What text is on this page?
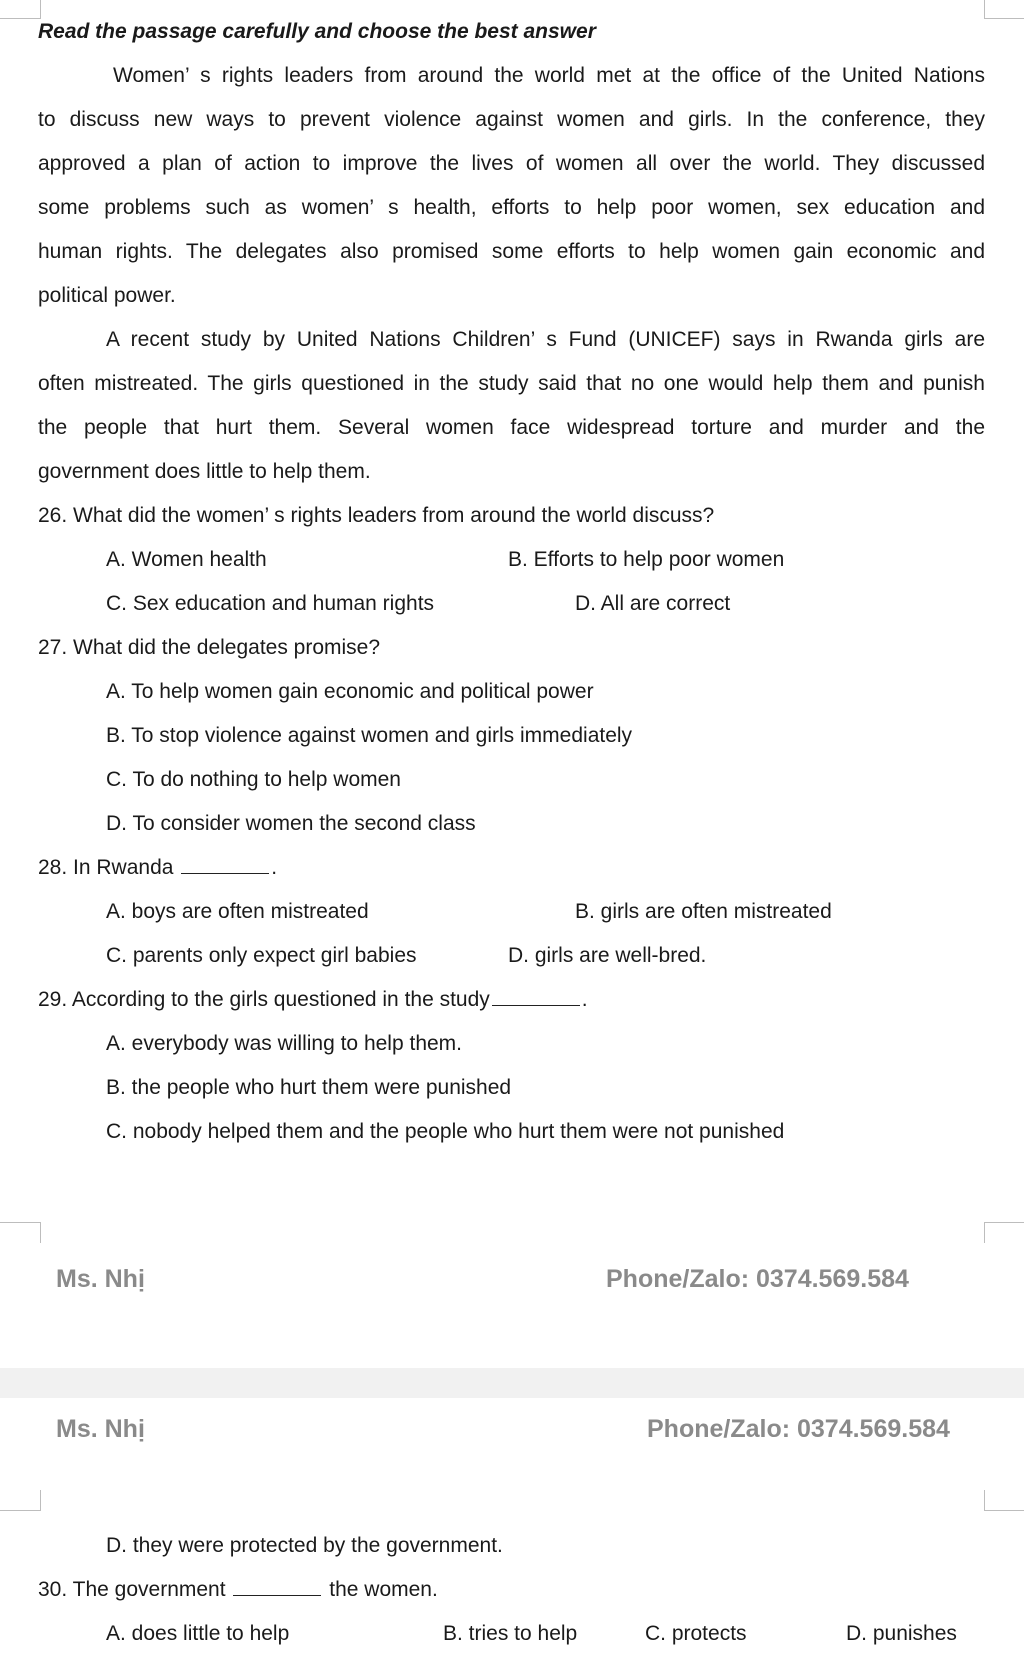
Read the passage carefully and choose the best answer
Women’ s rights leaders from around the world met at the office of the United Nations
to discuss new ways to prevent violence against women and girls. In the conference, they
approved a plan of action to improve the lives of women all over the world. They discussed
some problems such as women’ s health, efforts to help poor women, sex education and
human rights. The delegates also promised some efforts to help women gain economic and
political power.
A recent study by United Nations Children’ s Fund (UNICEF) says in Rwanda girls are
often mistreated. The girls questioned in the study said that no one would help them and punish
the people that hurt them. Several women face widespread torture and murder and the
government does little to help them.
26. What did the women’ s rights leaders from around the world discuss?
A. Women health	B. Efforts to help poor women
C. Sex education and human rights	D. All are correct
27. What did the delegates promise?
A. To help women gain economic and political power
B. To stop violence against women and girls immediately
C. To do nothing to help women
D. To consider women the second class
28. In Rwanda	.
A. boys are often mistreated	B. girls are often mistreated
C. parents only expect girl babies	D. girls are well-bred.
29. According to the girls questioned in the study	.
A. everybody was willing to help them.
B. the people who hurt them were punished
C. nobody helped them and the people who hurt them were not punished
Ms. Nhị	Phone/Zalo: 0374.569.584
Ms. Nhị	Phone/Zalo: 0374.569.584
D. they were protected by the government.
30. The government	the women.
A. does little to help	B. tries to help	C. protects	D. punishes
